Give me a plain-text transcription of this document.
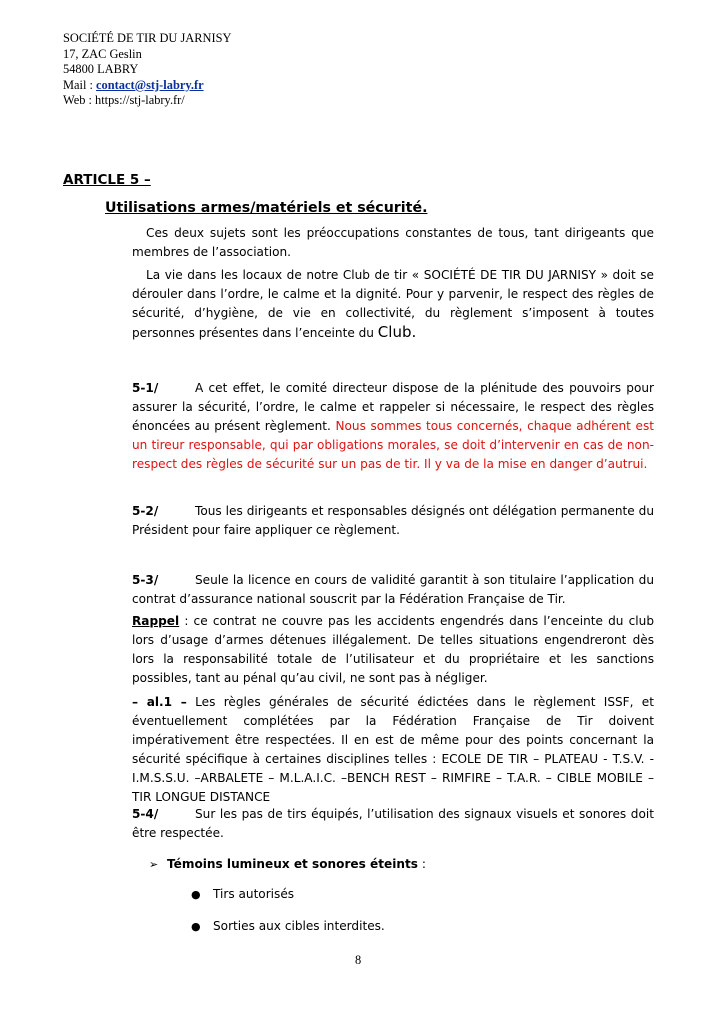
SOCIÉTÉ DE TIR DU JARNISY
17, ZAC Geslin
54800 LABRY
Mail : contact@stj-labry.fr
Web : https://stj-labry.fr/
ARTICLE 5 –
Utilisations armes/matériels et sécurité.
Ces deux sujets sont les préoccupations constantes de tous, tant dirigeants que membres de l’association.
La vie dans les locaux de notre Club de tir « SOCIÉTÉ DE TIR DU JARNISY » doit se dérouler dans l’ordre, le calme et la dignité. Pour y parvenir, le respect des règles de sécurité, d’hygiène, de vie en collectivité, du règlement s’imposent à toutes personnes présentes dans l’enceinte du Club.
5-1/	A cet effet, le comité directeur dispose de la plénitude des pouvoirs pour assurer la sécurité, l’ordre, le calme et rappeler si nécessaire, le respect des règles énoncées au présent règlement. Nous sommes tous concernés, chaque adhérent est un tireur responsable, qui par obligations morales, se doit d’intervenir en cas de non-respect des règles de sécurité sur un pas de tir. Il y va de la mise en danger d’autrui.
5-2/	Tous les dirigeants et responsables désignés ont délégation permanente du Président pour faire appliquer ce règlement.
5-3/	Seule la licence en cours de validité garantit à son titulaire l’application du contrat d’assurance national souscrit par la Fédération Française de Tir.
Rappel : ce contrat ne couvre pas les accidents engendrés dans l’enceinte du club lors d’usage d’armes détenues illégalement. De telles situations engendreront dès lors la responsabilité totale de l’utilisateur et du propriétaire et les sanctions possibles, tant au pénal qu’au civil, ne sont pas à négliger.
– al.1 – Les règles générales de sécurité édictées dans le règlement ISSF, et éventuellement complétées par la Fédération Française de Tir doivent impérativement être respectées. Il en est de même pour des points concernant la sécurité spécifique à certaines disciplines telles : ECOLE DE TIR – PLATEAU - T.S.V. - I.M.S.S.U. –ARBALETE – M.L.A.I.C. –BENCH REST – RIMFIRE – T.A.R. – CIBLE MOBILE – TIR LONGUE DISTANCE
5-4/	Sur les pas de tirs équipés, l’utilisation des signaux visuels et sonores doit être respectée.
➢ Témoins lumineux et sonores éteints :
● Tirs autorisés
● Sorties aux cibles interdites.
8
